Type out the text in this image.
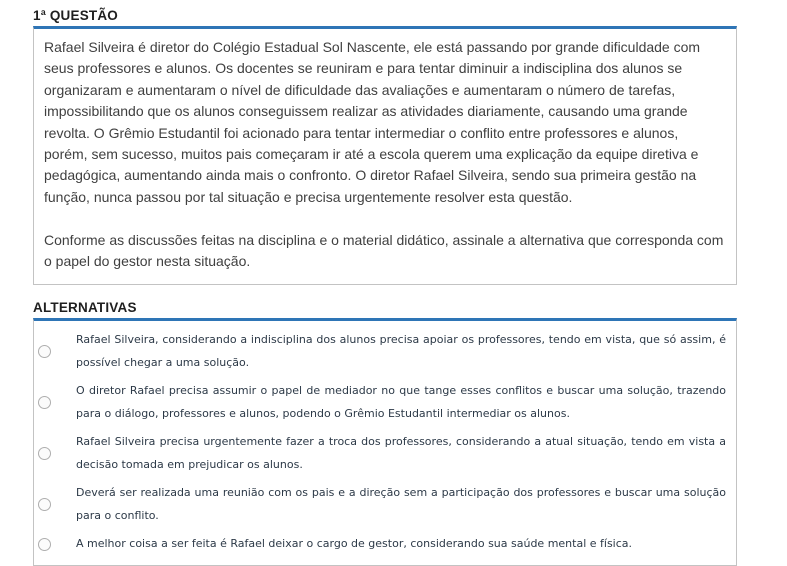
1ª QUESTÃO

Rafael Silveira é diretor do Colégio Estadual Sol Nascente, ele está passando por grande dificuldade com seus professores e alunos. Os docentes se reuniram e para tentar diminuir a indisciplina dos alunos se organizaram e aumentaram o nível de dificuldade das avaliações e aumentaram o número de tarefas, impossibilitando que os alunos conseguissem realizar as atividades diariamente, causando uma grande revolta. O Grêmio Estudantil foi acionado para tentar intermediar o conflito entre professores e alunos, porém, sem sucesso, muitos pais começaram ir até a escola querem uma explicação da equipe diretiva e pedagógica, aumentando ainda mais o confronto. O diretor Rafael Silveira, sendo sua primeira gestão na função, nunca passou por tal situação e precisa urgentemente resolver esta questão.

Conforme as discussões feitas na disciplina e o material didático, assinale a alternativa que corresponda com o papel do gestor nesta situação.

ALTERNATIVAS
Rafael Silveira, considerando a indisciplina dos alunos precisa apoiar os professores, tendo em vista, que só assim, é possível chegar a uma solução.
O diretor Rafael precisa assumir o papel de mediador no que tange esses conflitos e buscar uma solução, trazendo para o diálogo, professores e alunos, podendo o Grêmio Estudantil intermediar os alunos.
Rafael Silveira precisa urgentemente fazer a troca dos professores, considerando a atual situação, tendo em vista a decisão tomada em prejudicar os alunos.
Deverá ser realizada uma reunião com os pais e a direção sem a participação dos professores e buscar uma solução para o conflito.
A melhor coisa a ser feita é Rafael deixar o cargo de gestor, considerando sua saúde mental e física.
